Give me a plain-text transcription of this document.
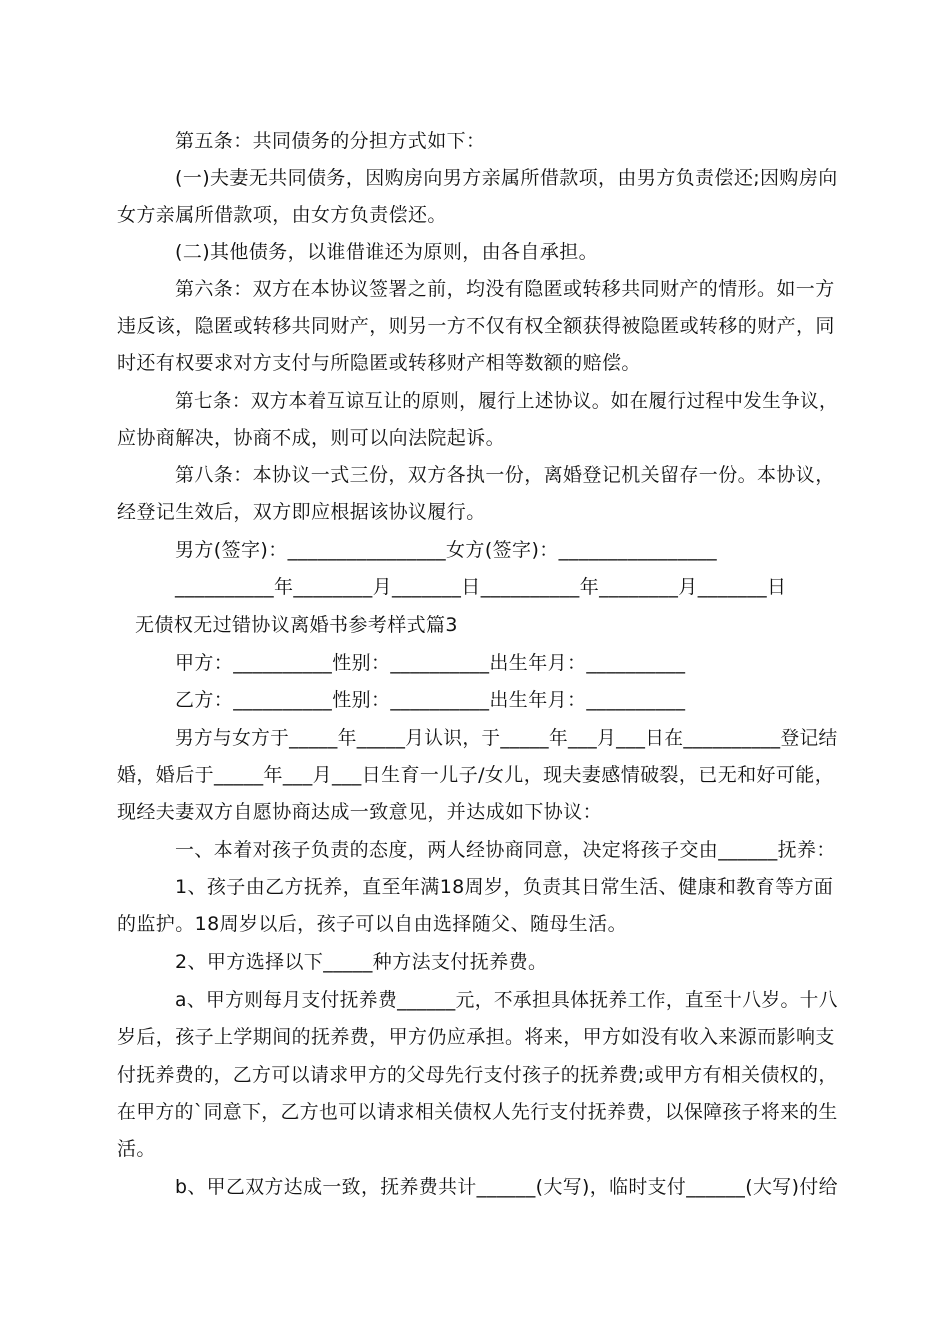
第五条：共同债务的分担方式如下：

(一)夫妻无共同债务，因购房向男方亲属所借款项，由男方负责偿还;因购房向

女方亲属所借款项，由女方负责偿还。

(二)其他债务，以谁借谁还为原则，由各自承担。

第六条：双方在本协议签署之前，均没有隐匿或转移共同财产的情形。如一方

违反该，隐匿或转移共同财产，则另一方不仅有权全额获得被隐匿或转移的财产，同

时还有权要求对方支付与所隐匿或转移财产相等数额的赔偿。

第七条：双方本着互谅互让的原则，履行上述协议。如在履行过程中发生争议，

应协商解决，协商不成，则可以向法院起诉。

第八条：本协议一式三份，双方各执一份，离婚登记机关留存一份。本协议，

经登记生效后，双方即应根据该协议履行。

男方(签字)：________________女方(签字)：________________

__________年________月_______日__________年________月_______日

无债权无过错协议离婚书参考样式篇3

甲方：__________性别：__________出生年月：__________

乙方：__________性别：__________出生年月：__________

男方与女方于_____年_____月认识，于_____年___月___日在__________登记结

婚，婚后于_____年___月___日生育一儿子/女儿，现夫妻感情破裂，已无和好可能，

现经夫妻双方自愿协商达成一致意见，并达成如下协议：

一、本着对孩子负责的态度，两人经协商同意，决定将孩子交由______抚养：

1、孩子由乙方抚养，直至年满18周岁，负责其日常生活、健康和教育等方面

的监护。18周岁以后，孩子可以自由选择随父、随母生活。

2、甲方选择以下_____种方法支付抚养费。

a、甲方则每月支付抚养费______元，不承担具体抚养工作，直至十八岁。十八

岁后，孩子上学期间的抚养费，甲方仍应承担。将来，甲方如没有收入来源而影响支

付抚养费的，乙方可以请求甲方的父母先行支付孩子的抚养费;或甲方有相关债权的，

在甲方的`同意下，乙方也可以请求相关债权人先行支付抚养费，以保障孩子将来的生

活。

b、甲乙双方达成一致，抚养费共计______(大写)，临时支付______(大写)付给
